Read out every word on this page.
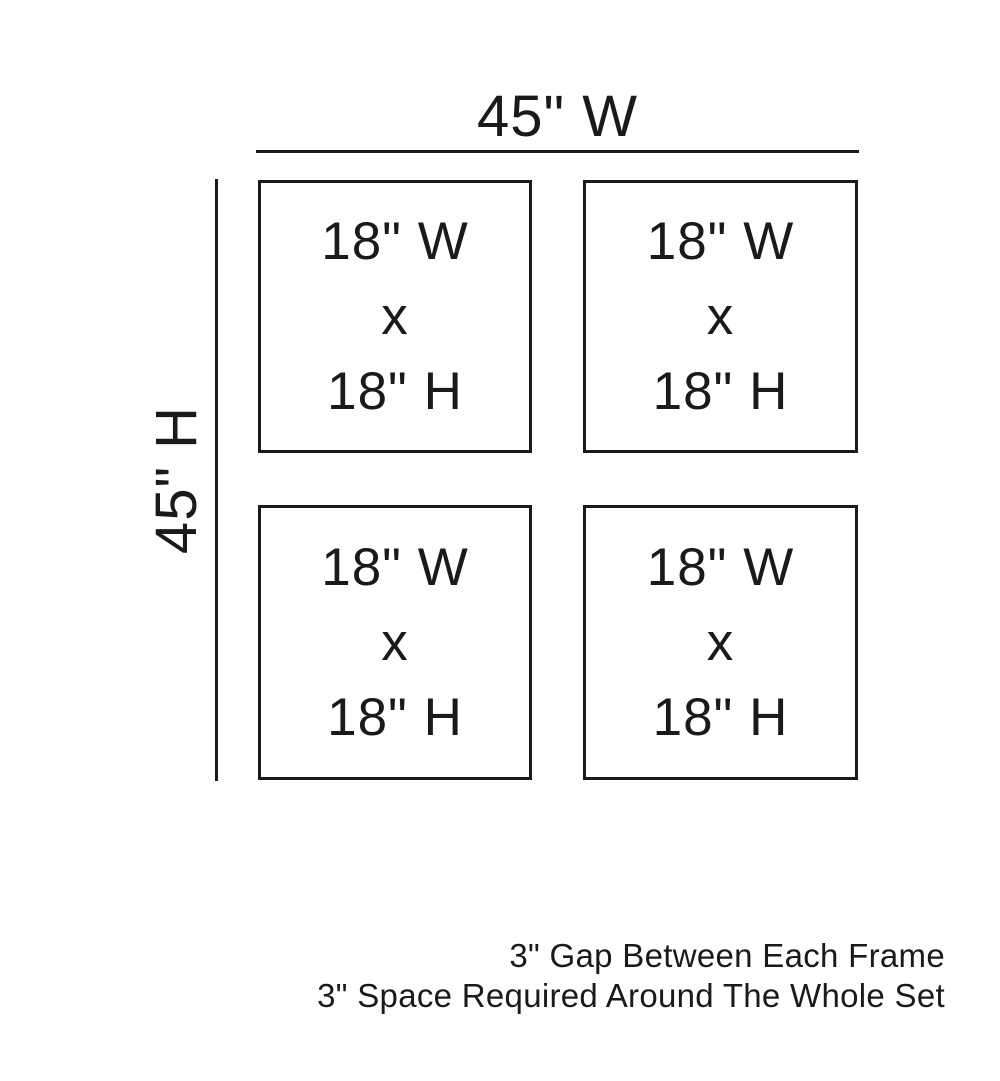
45" W
45" H
18" W
x
18" H
18" W
x
18" H
18" W
x
18" H
18" W
x
18" H
3" Gap Between Each Frame
3" Space Required Around The Whole Set
